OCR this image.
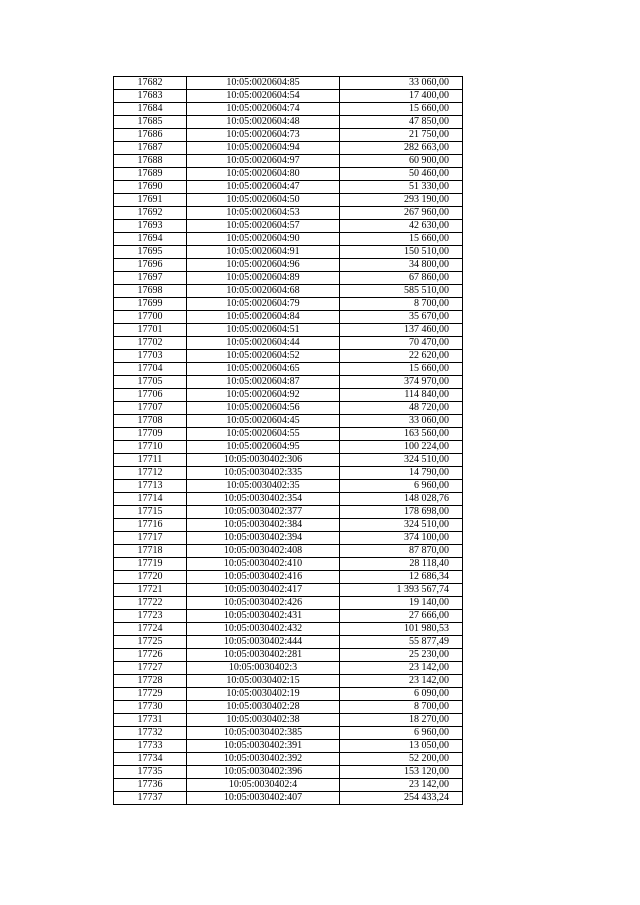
17682	10:05:0020604:85	33 060,00
17683	10:05:0020604:54	17 400,00
17684	10:05:0020604:74	15 660,00
17685	10:05:0020604:48	47 850,00
17686	10:05:0020604:73	21 750,00
17687	10:05:0020604:94	282 663,00
17688	10:05:0020604:97	60 900,00
17689	10:05:0020604:80	50 460,00
17690	10:05:0020604:47	51 330,00
17691	10:05:0020604:50	293 190,00
17692	10:05:0020604:53	267 960,00
17693	10:05:0020604:57	42 630,00
17694	10:05:0020604:90	15 660,00
17695	10:05:0020604:91	150 510,00
17696	10:05:0020604:96	34 800,00
17697	10:05:0020604:89	67 860,00
17698	10:05:0020604:68	585 510,00
17699	10:05:0020604:79	8 700,00
17700	10:05:0020604:84	35 670,00
17701	10:05:0020604:51	137 460,00
17702	10:05:0020604:44	70 470,00
17703	10:05:0020604:52	22 620,00
17704	10:05:0020604:65	15 660,00
17705	10:05:0020604:87	374 970,00
17706	10:05:0020604:92	114 840,00
17707	10:05:0020604:56	48 720,00
17708	10:05:0020604:45	33 060,00
17709	10:05:0020604:55	163 560,00
17710	10:05:0020604:95	100 224,00
17711	10:05:0030402:306	324 510,00
17712	10:05:0030402:335	14 790,00
17713	10:05:0030402:35	6 960,00
17714	10:05:0030402:354	148 028,76
17715	10:05:0030402:377	178 698,00
17716	10:05:0030402:384	324 510,00
17717	10:05:0030402:394	374 100,00
17718	10:05:0030402:408	87 870,00
17719	10:05:0030402:410	28 118,40
17720	10:05:0030402:416	12 686,34
17721	10:05:0030402:417	1 393 567,74
17722	10:05:0030402:426	19 140,00
17723	10:05:0030402:431	27 666,00
17724	10:05:0030402:432	101 980,53
17725	10:05:0030402:444	55 877,49
17726	10:05:0030402:281	25 230,00
17727	10:05:0030402:3	23 142,00
17728	10:05:0030402:15	23 142,00
17729	10:05:0030402:19	6 090,00
17730	10:05:0030402:28	8 700,00
17731	10:05:0030402:38	18 270,00
17732	10:05:0030402:385	6 960,00
17733	10:05:0030402:391	13 050,00
17734	10:05:0030402:392	52 200,00
17735	10:05:0030402:396	153 120,00
17736	10:05:0030402:4	23 142,00
17737	10:05:0030402:407	254 433,24
